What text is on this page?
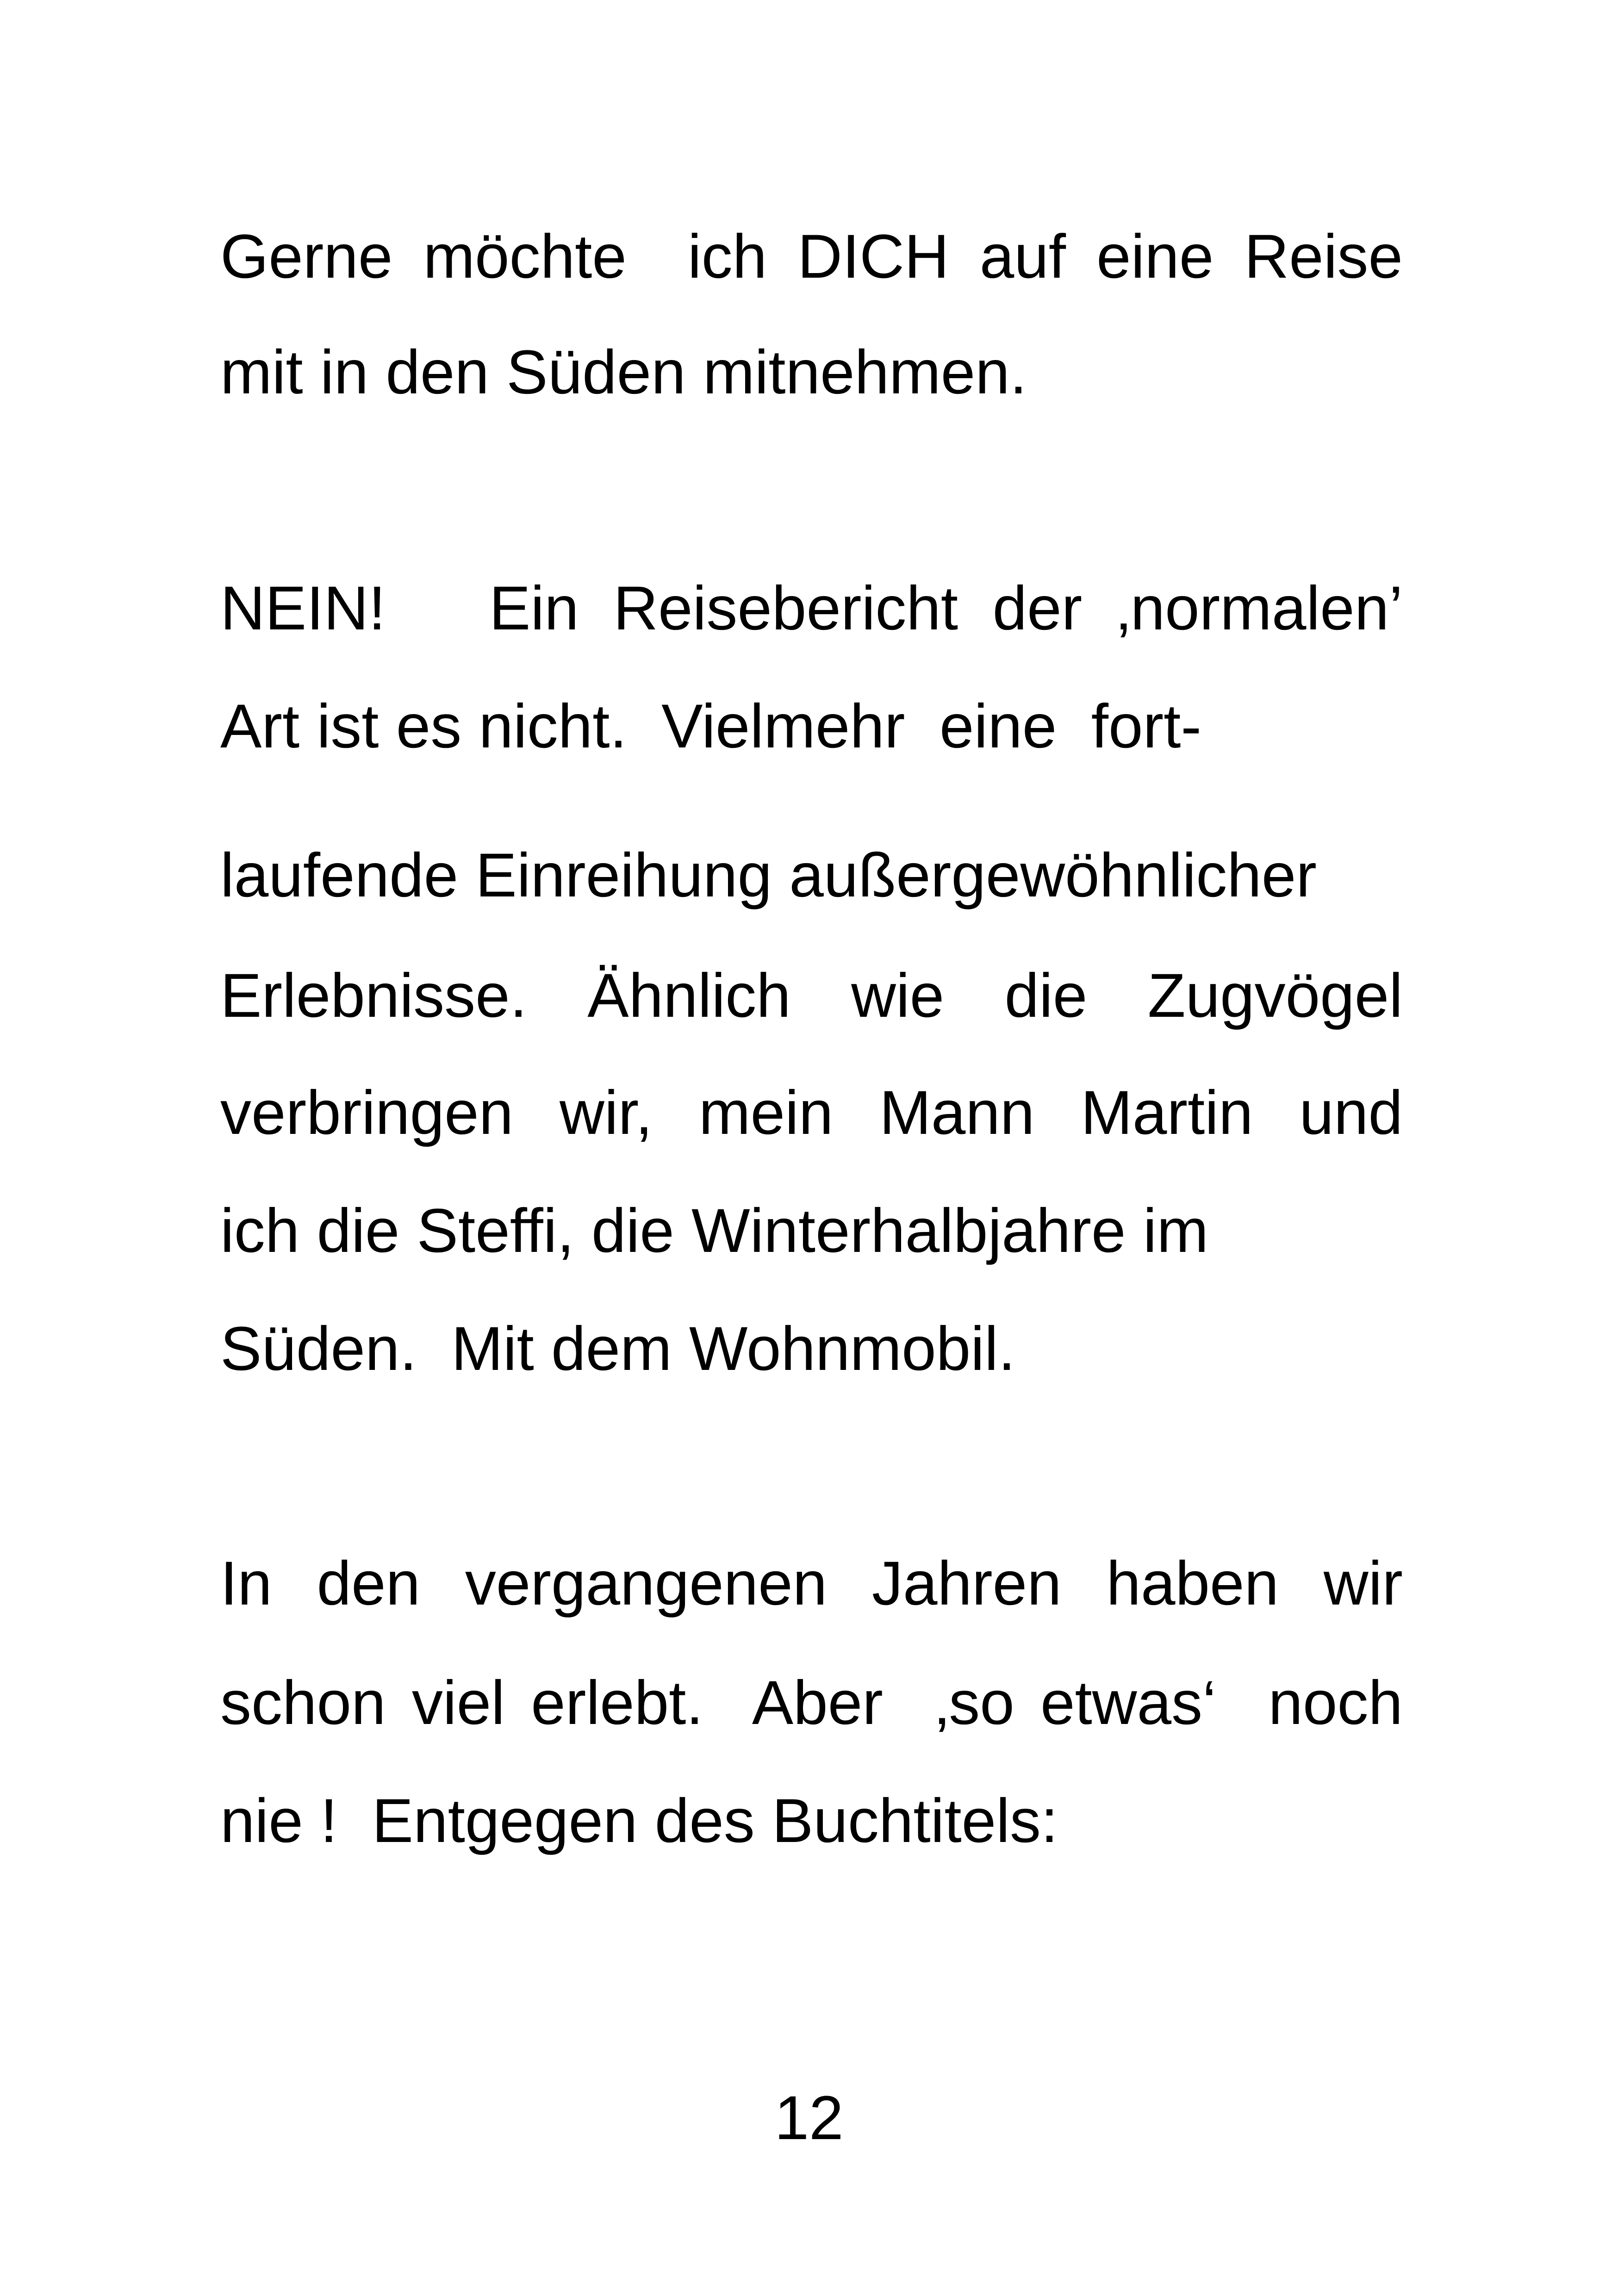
Gerne möchte  ich DICH auf eine Reise
mit in den Süden mitnehmen.
NEIN!   Ein Reisebericht der ‚normalen’
Art ist es nicht.  Vielmehr  eine  fort-
laufende Einreihung außergewöhnlicher
Erlebnisse. Ähnlich wie die Zugvögel
verbringen wir, mein Mann Martin und
ich die Steffi, die Winterhalbjahre im
Süden.  Mit dem Wohnmobil.
In den vergangenen Jahren haben wir
schon viel erlebt.  Aber  ‚so etwas‘  noch
nie !  Entgegen des Buchtitels:
12
